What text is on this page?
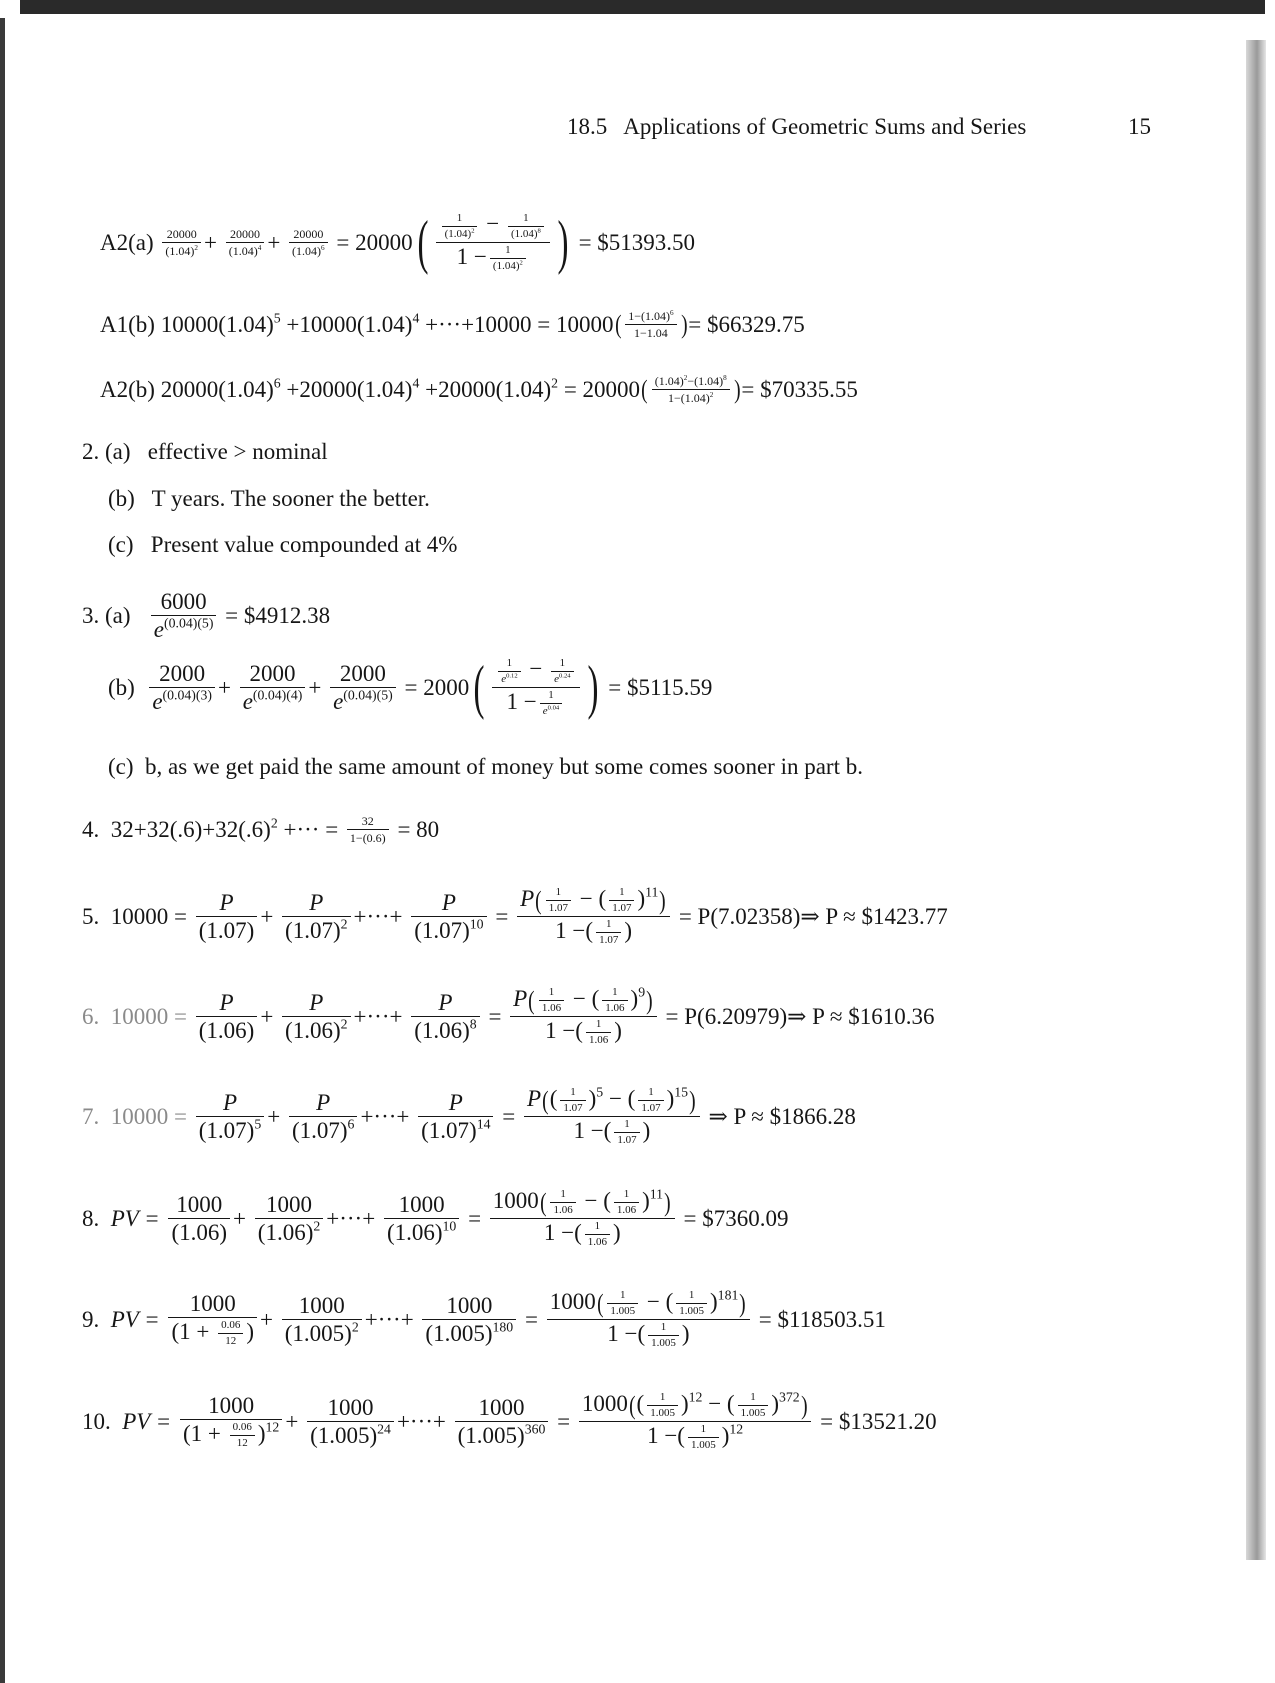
18.5 Applications of Geometric Sums and Series	15
$A2(a) \frac{20000}{(1.04)^2} + \frac{20000}{(1.04)^4} + \frac{20000}{(1.04)^6} = 20000( \frac{\frac{1}{(1.04)^2} - \frac{1}{(1.04)^8}}{1 - \frac{1}{(1.04)^2}}$ ) = $51393.50
A1(b) $10000(1.04)^5 +10000(1.04)^4 +\cdot\cdot\cdot+10000 = 10000( \frac{1-(1.04)^6}{1-1.04}$ )= $66329.75
A2(b) $20000(1.04)^6 +20000(1.04)^4 +20000(1.04)^2 = 20000( \frac{(1.04)^2-(1.04)^8}{1-(1.04)^2}$ )= $70335.55
2. (a) effective > nominal
(b) T years. The sooner the better.
(c) Present value compounded at 4%
3. $(a) \frac{6000}{e^{(0.04)(5)}}$ = $4912.38
$(b) \frac{2000}{e^{(0.04)(3)}} + \frac{2000}{e^{(0.04)(4)}} + \frac{2000}{e^{(0.04)(5)}} = 2000( \frac{\frac{1}{e^{0.12}} - \frac{1}{e^{0.24}}}{1 - \frac{1}{e^{0.04}}}$ ) = $5115.59
(c) b, as we get paid the same amount of money but some comes sooner in part b.
4. $32+32(.6)+32(.6)^2$ +··· = $\frac{32}{1-(0.6)} = 80$
5. $10000 = \frac{P}{(1.07)} + \frac{P}{(1.07)^2}$ +···+ $\frac{P}{(1.07)^{10}} = \frac{P( \frac{1}{1.07} - ( \frac{1}{1.07} )^{11})}{1 -( \frac{1}{1.07} )}$ = P(7.02358)⇒ P ≈ $1423.77
6. $10000 = \frac{P}{(1.06)} + \frac{P}{(1.06)^2}$ +···+ $\frac{P}{(1.06)^8} = \frac{P( \frac{1}{1.06} - ( \frac{1}{1.06} )^9)}{1 -( \frac{1}{1.06} )}$ = P(6.20979)⇒ P ≈ $1610.36
7. $10000 = \frac{P}{(1.07)^5} + \frac{P}{(1.07)^6}$ +···+ $\frac{P}{(1.07)^{14}} = \frac{P(( \frac{1}{1.07} )^5 - ( \frac{1}{1.07} )^{15})}{1 -( \frac{1}{1.07} )}$ ⇒ P ≈ $1866.28
8. PV = $\frac{1000}{(1.06)} + \frac{1000}{(1.06)^2}$ +···+ $\frac{1000}{(1.06)^{10}} = \frac{1000( \frac{1}{1.06} - ( \frac{1}{1.06} )^{11})}{1 -( \frac{1}{1.06} )}$ = $7360.09
9. PV = $\frac{1000}{(1 + \frac{0.06}{12} )} + \frac{1000}{(1.005)^2}$ +···+ $\frac{1000}{(1.005)^{180}} = \frac{1000( \frac{1}{1.005} - ( \frac{1}{1.005} )^{181})}{1 -( \frac{1}{1.005} )}$ = $118503.51
10. PV = $\frac{1000}{(1 + \frac{0.06}{12} )^{12}} + \frac{1000}{(1.005)^{24}}$ +···+ $\frac{1000}{(1.005)^{360}} = \frac{1000(( \frac{1}{1.005} )^{12} - ( \frac{1}{1.005} )^{372})}{1 -( \frac{1}{1.005} )^{12}}$ = $13521.20
